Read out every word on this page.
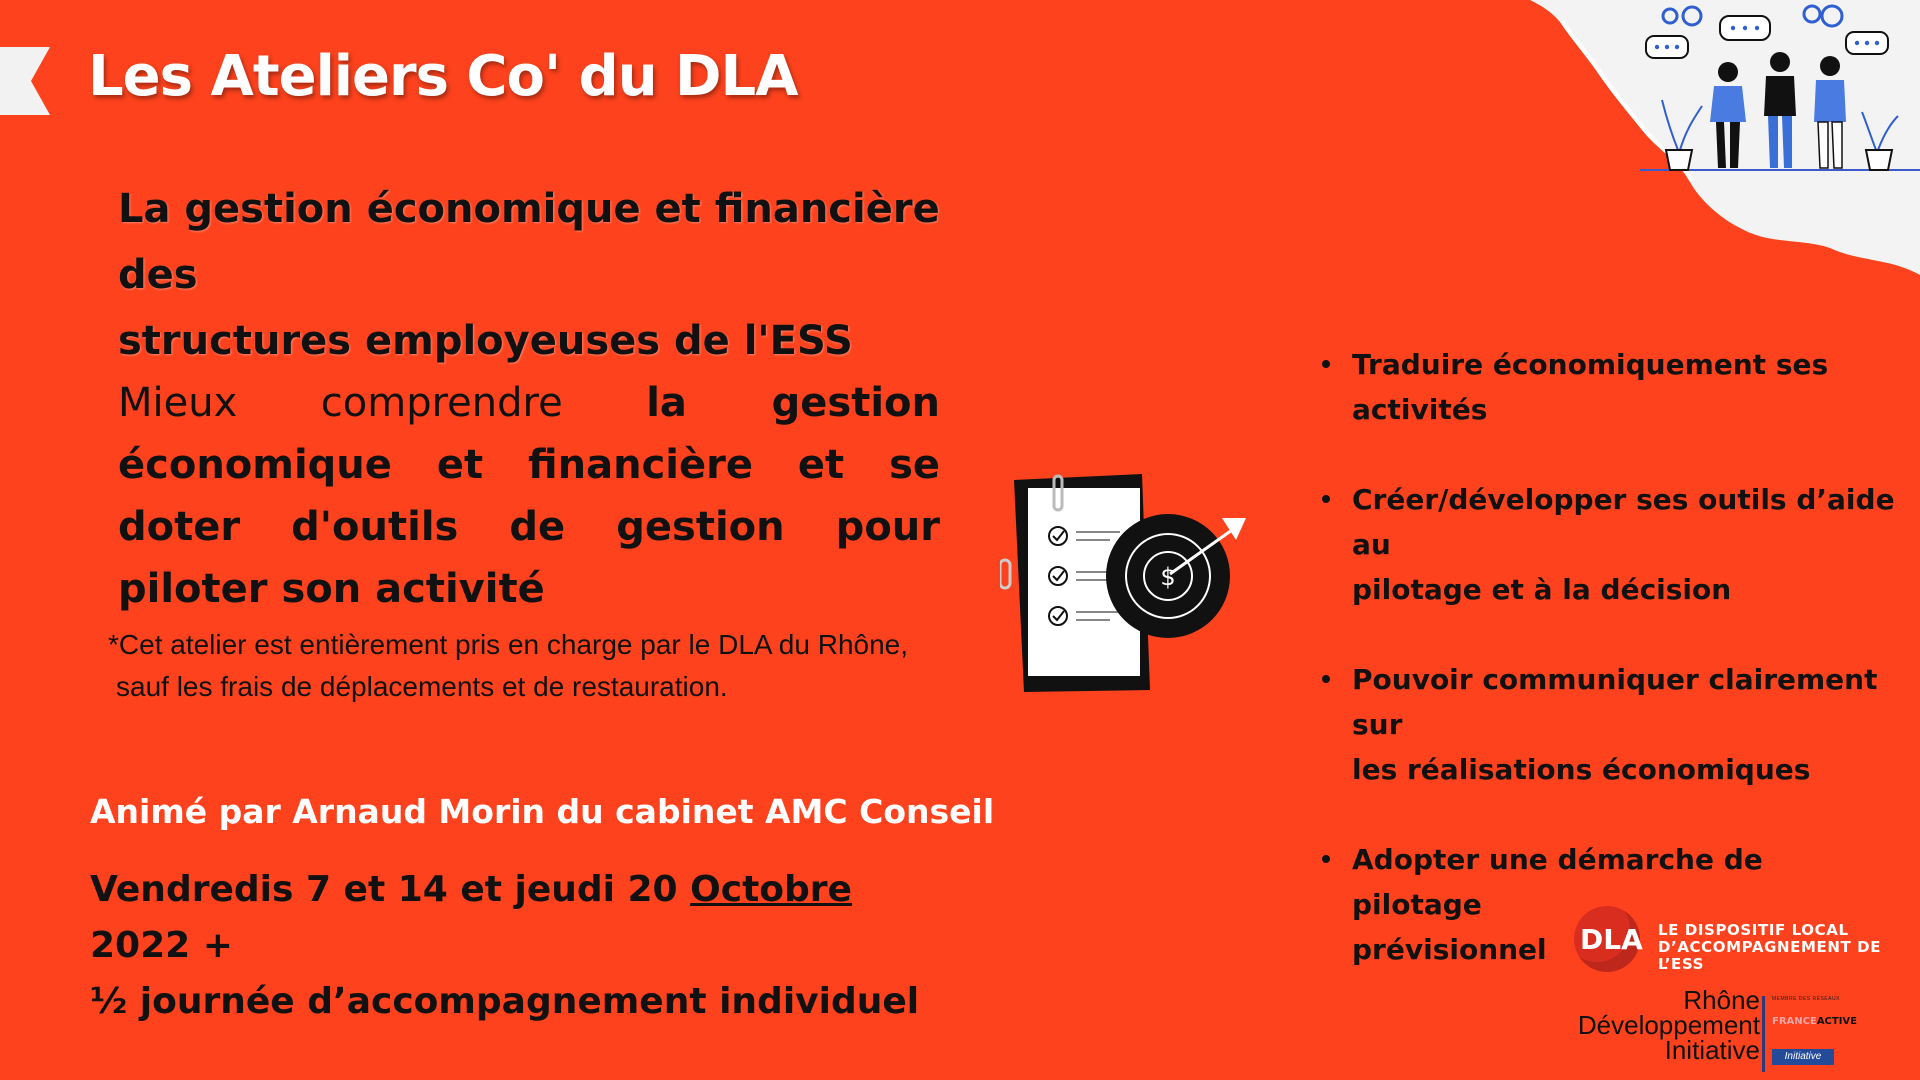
Les Ateliers Co' du DLA
La gestion économique et financière des
structures employeuses de l'ESS
Mieux comprendre la gestion économique et financière et se doter d'outils de gestion pour piloter son activité
*Cet atelier est entièrement pris en charge par le DLA du Rhône,
sauf les frais de déplacements et de restauration.
$
Traduire économiquement ses
activités
Créer/développer ses outils d’aide au
pilotage et à la décision
Pouvoir communiquer clairement sur
les réalisations économiques
Adopter une démarche de pilotage
prévisionnel
Animé par Arnaud Morin du cabinet AMC Conseil
Vendredis 7 et 14 et jeudi 20 Octobre 2022 +
½ journée d’accompagnement individuel
DLA LE DISPOSITIF LOCAL
D’ACCOMPAGNEMENT DE L’ESS
Rhône
Développement
Initiative
MEMBRE DES RÉSEAUX
FRANCEACTIVE
Initiative
